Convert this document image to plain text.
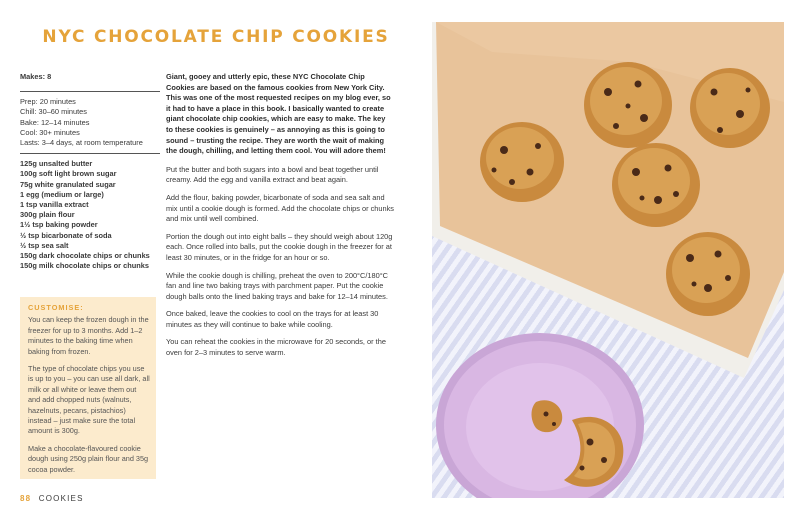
NYC CHOCOLATE CHIP COOKIES
Makes: 8
Prep: 20 minutes
Chill: 30–60 minutes
Bake: 12–14 minutes
Cool: 30+ minutes
Lasts: 3–4 days, at room temperature
125g unsalted butter
100g soft light brown sugar
75g white granulated sugar
1 egg (medium or large)
1 tsp vanilla extract
300g plain flour
1½ tsp baking powder
½ tsp bicarbonate of soda
½ tsp sea salt
150g dark chocolate chips or chunks
150g milk chocolate chips or chunks
CUSTOMISE:

You can keep the frozen dough in the freezer for up to 3 months. Add 1–2 minutes to the baking time when baking from frozen.

The type of chocolate chips you use is up to you – you can use all dark, all milk or all white or leave them out and add chopped nuts (walnuts, hazelnuts, pecans, pistachios) instead – just make sure the total amount is 300g.

Make a chocolate-flavoured cookie dough using 250g plain flour and 35g cocoa powder.

Giant, gooey and utterly epic, these NYC Chocolate Chip Cookies are based on the famous cookies from New York City. This was one of the most requested recipes on my blog ever, so it had to have a place in this book. I basically wanted to create giant chocolate chip cookies, which are easy to make. The key to these cookies is genuinely – as annoying as this is going to sound – trusting the recipe. They are worth the wait of making the dough, chilling, and letting them cool. You will adore them!

Put the butter and both sugars into a bowl and beat together until creamy. Add the egg and vanilla extract and beat again.

Add the flour, baking powder, bicarbonate of soda and sea salt and mix until a cookie dough is formed. Add the chocolate chips or chunks and mix until well combined.

Portion the dough out into eight balls – they should weigh about 120g each. Once rolled into balls, put the cookie dough in the freezer for at least 30 minutes, or in the fridge for an hour or so.

While the cookie dough is chilling, preheat the oven to 200°C/180°C fan and line two baking trays with parchment paper. Put the cookie dough balls onto the lined baking trays and bake for 12–14 minutes.

Once baked, leave the cookies to cool on the trays for at least 30 minutes as they will continue to bake while cooling.

You can reheat the cookies in the microwave for 20 seconds, or the oven for 2–3 minutes to serve warm.

88 COOKIES
